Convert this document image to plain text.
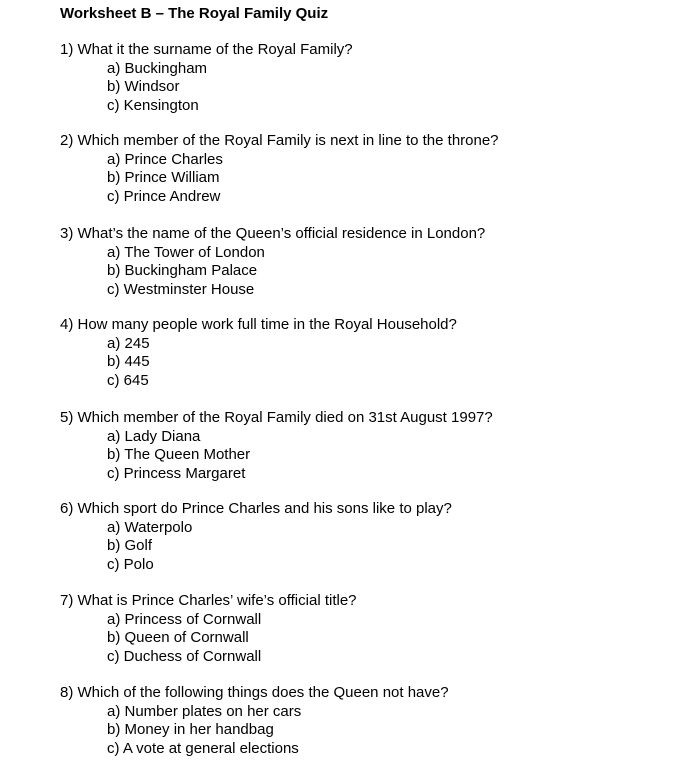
Worksheet B – The Royal Family Quiz
1) What it the surname of the Royal Family?
a) Buckingham
b) Windsor
c) Kensington
2) Which member of the Royal Family is next in line to the throne?
a) Prince Charles
b) Prince William
c) Prince Andrew
3) What’s the name of the Queen’s official residence in London?
a) The Tower of London
b) Buckingham Palace
c) Westminster House
4) How many people work full time in the Royal Household?
a) 245
b) 445
c) 645
5) Which member of the Royal Family died on 31st August 1997?
a) Lady Diana
b) The Queen Mother
c) Princess Margaret
6) Which sport do Prince Charles and his sons like to play?
a) Waterpolo
b) Golf
c) Polo
7) What is Prince Charles’ wife’s official title?
a) Princess of Cornwall
b) Queen of Cornwall
c) Duchess of Cornwall
8) Which of the following things does the Queen not have?
a) Number plates on her cars
b) Money in her handbag
c) A vote at general elections
